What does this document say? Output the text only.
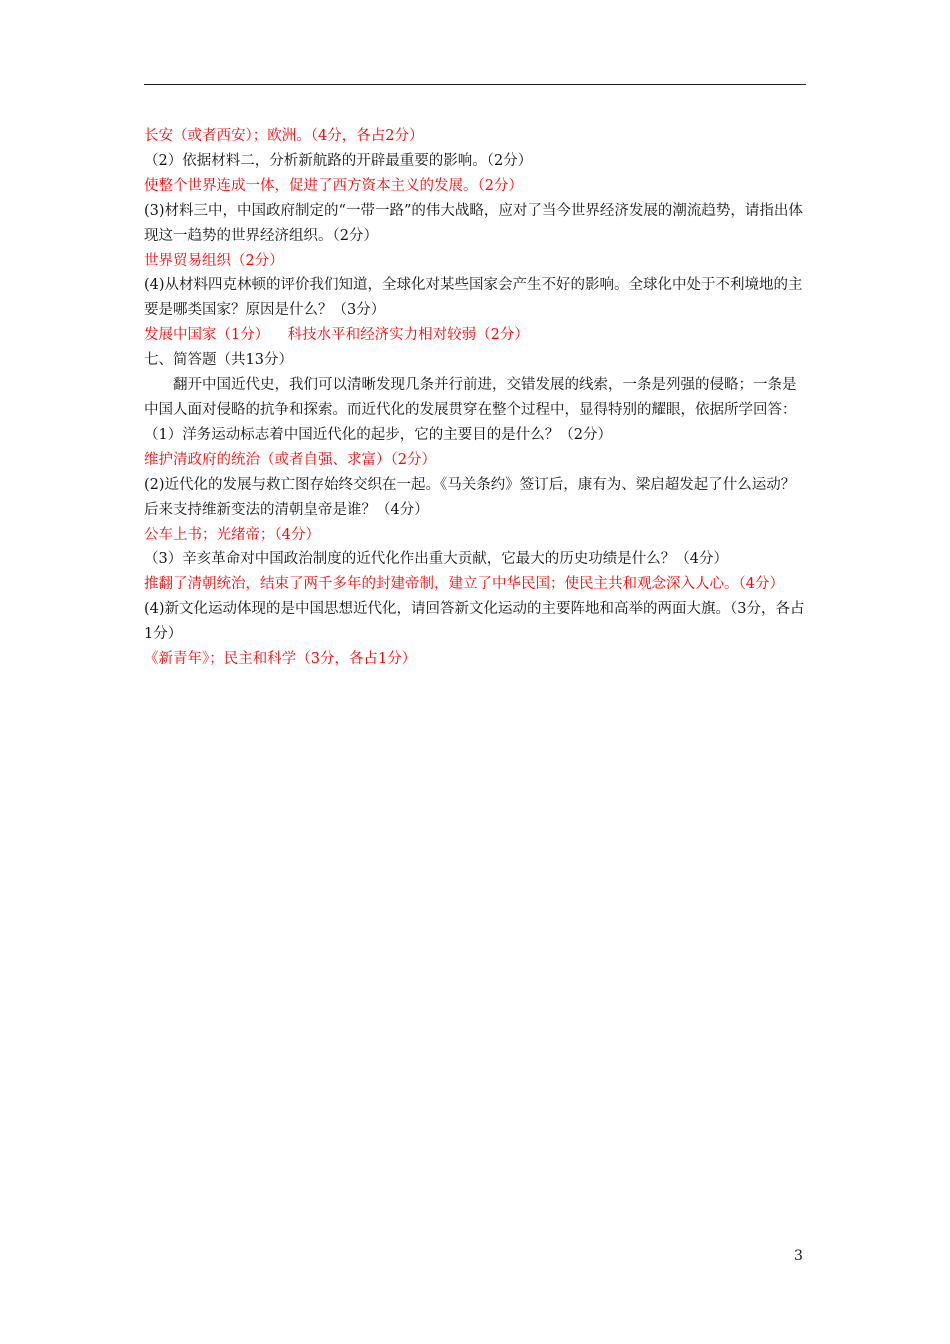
长安（或者西安）；欧洲。（4分，各占2分）
（2）依据材料二，分析新航路的开辟最重要的影响。（2分）
使整个世界连成一体，促进了西方资本主义的发展。（2分）
(3)材料三中，中国政府制定的“一带一路”的伟大战略，应对了当今世界经济发展的潮流趋势，请指出体现这一趋势的世界经济组织。（2分）
世界贸易组织（2分）
(4)从材料四克林顿的评价我们知道，全球化对某些国家会产生不好的影响。全球化中处于不利境地的主要是哪类国家？原因是什么？（3分）
发展中国家（1分）    科技水平和经济实力相对较弱（2分）
七、简答题（共13分）
翻开中国近代史，我们可以清晰发现几条并行前进，交错发展的线索，一条是列强的侵略；一条是中国人面对侵略的抗争和探索。而近代化的发展贯穿在整个过程中，显得特别的耀眼，依据所学回答：
（1）洋务运动标志着中国近代化的起步，它的主要目的是什么？（2分）
维护清政府的统治（或者自强、求富）（2分）
(2)近代化的发展与救亡图存始终交织在一起。《马关条约》签订后，康有为、梁启超发起了什么运动？后来支持维新变法的清朝皇帝是谁？（4分）
公车上书；光绪帝；（4分）
（3）辛亥革命对中国政治制度的近代化作出重大贡献，它最大的历史功绩是什么？（4分）
推翻了清朝统治，结束了两千多年的封建帝制，建立了中华民国；使民主共和观念深入人心。（4分）
(4)新文化运动体现的是中国思想近代化，请回答新文化运动的主要阵地和高举的两面大旗。（3分，各占1分）
《新青年》；民主和科学（3分，各占1分）
3
